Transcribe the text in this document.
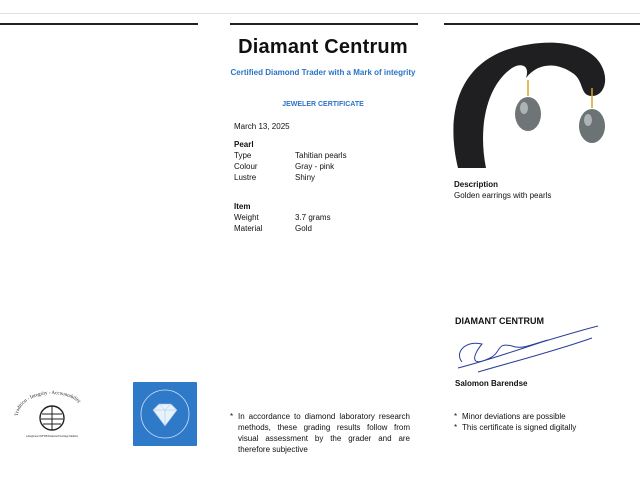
Diamant Centrum
Certified Diamond Trader with a Mark of integrity
JEWELER CERTIFICATE
March 13, 2025
Pearl
Type	Tahitian pearls
Colour	Gray - pink
Lustre	Shiny
Item
Weight	3.7 grams
Material	Gold
Description
Golden earrings with pearls
DIAMANT CENTRUM
Salomon Barendse
Tradition - Integrity - Accountability
A Registered WFDB Diamond Exchange Member
* In accordance to diamond laboratory research methods, these grading results follow from visual assessment by the grader and are therefore subjective
* Minor deviations are possible
* This certificate is signed digitally
